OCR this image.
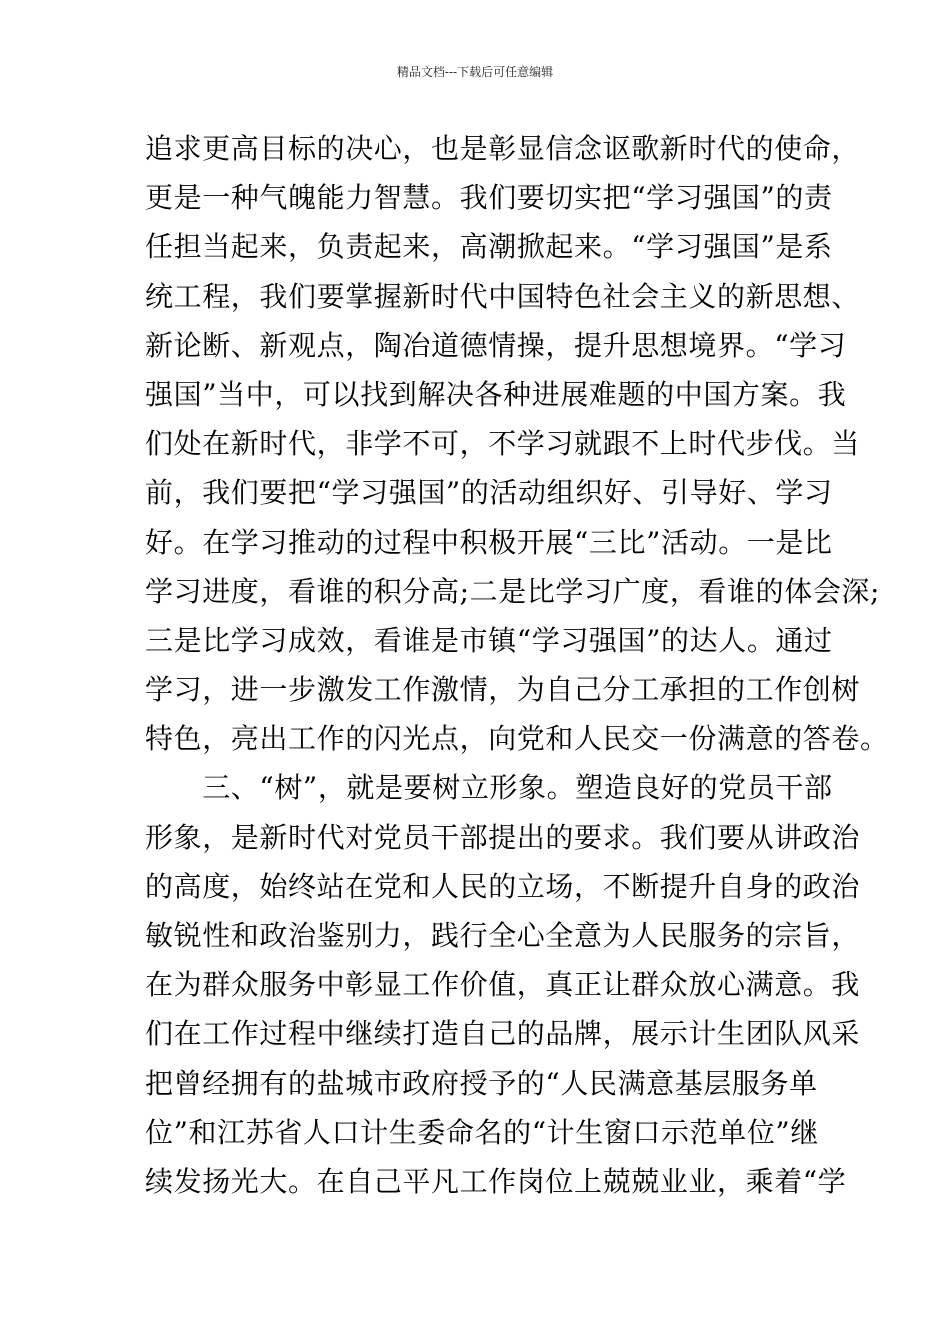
精品文档---下载后可任意编辑
追求更高目标的决心，也是彰显信念讴歌新时代的使命，
更是一种气魄能力智慧。我们要切实把“学习强国”的责
任担当起来，负责起来，高潮掀起来。“学习强国”是系
统工程，我们要掌握新时代中国特色社会主义的新思想、
新论断、新观点，陶冶道德情操，提升思想境界。“学习
强国”当中，可以找到解决各种进展难题的中国方案。我
们处在新时代，非学不可，不学习就跟不上时代步伐。当
前，我们要把“学习强国”的活动组织好、引导好、学习
好。在学习推动的过程中积极开展“三比”活动。一是比
学习进度，看谁的积分高;二是比学习广度，看谁的体会深;
三是比学习成效，看谁是市镇“学习强国”的达人。通过
学习，进一步激发工作激情，为自己分工承担的工作创树
特色，亮出工作的闪光点，向党和人民交一份满意的答卷。
　　三、“树”，就是要树立形象。塑造良好的党员干部
形象，是新时代对党员干部提出的要求。我们要从讲政治
的高度，始终站在党和人民的立场，不断提升自身的政治
敏锐性和政治鉴别力，践行全心全意为人民服务的宗旨，
在为群众服务中彰显工作价值，真正让群众放心满意。我
们在工作过程中继续打造自己的品牌，展示计生团队风采
把曾经拥有的盐城市政府授予的“人民满意基层服务单
位”和江苏省人口计生委命名的“计生窗口示范单位”继
续发扬光大。在自己平凡工作岗位上兢兢业业，乘着“学
